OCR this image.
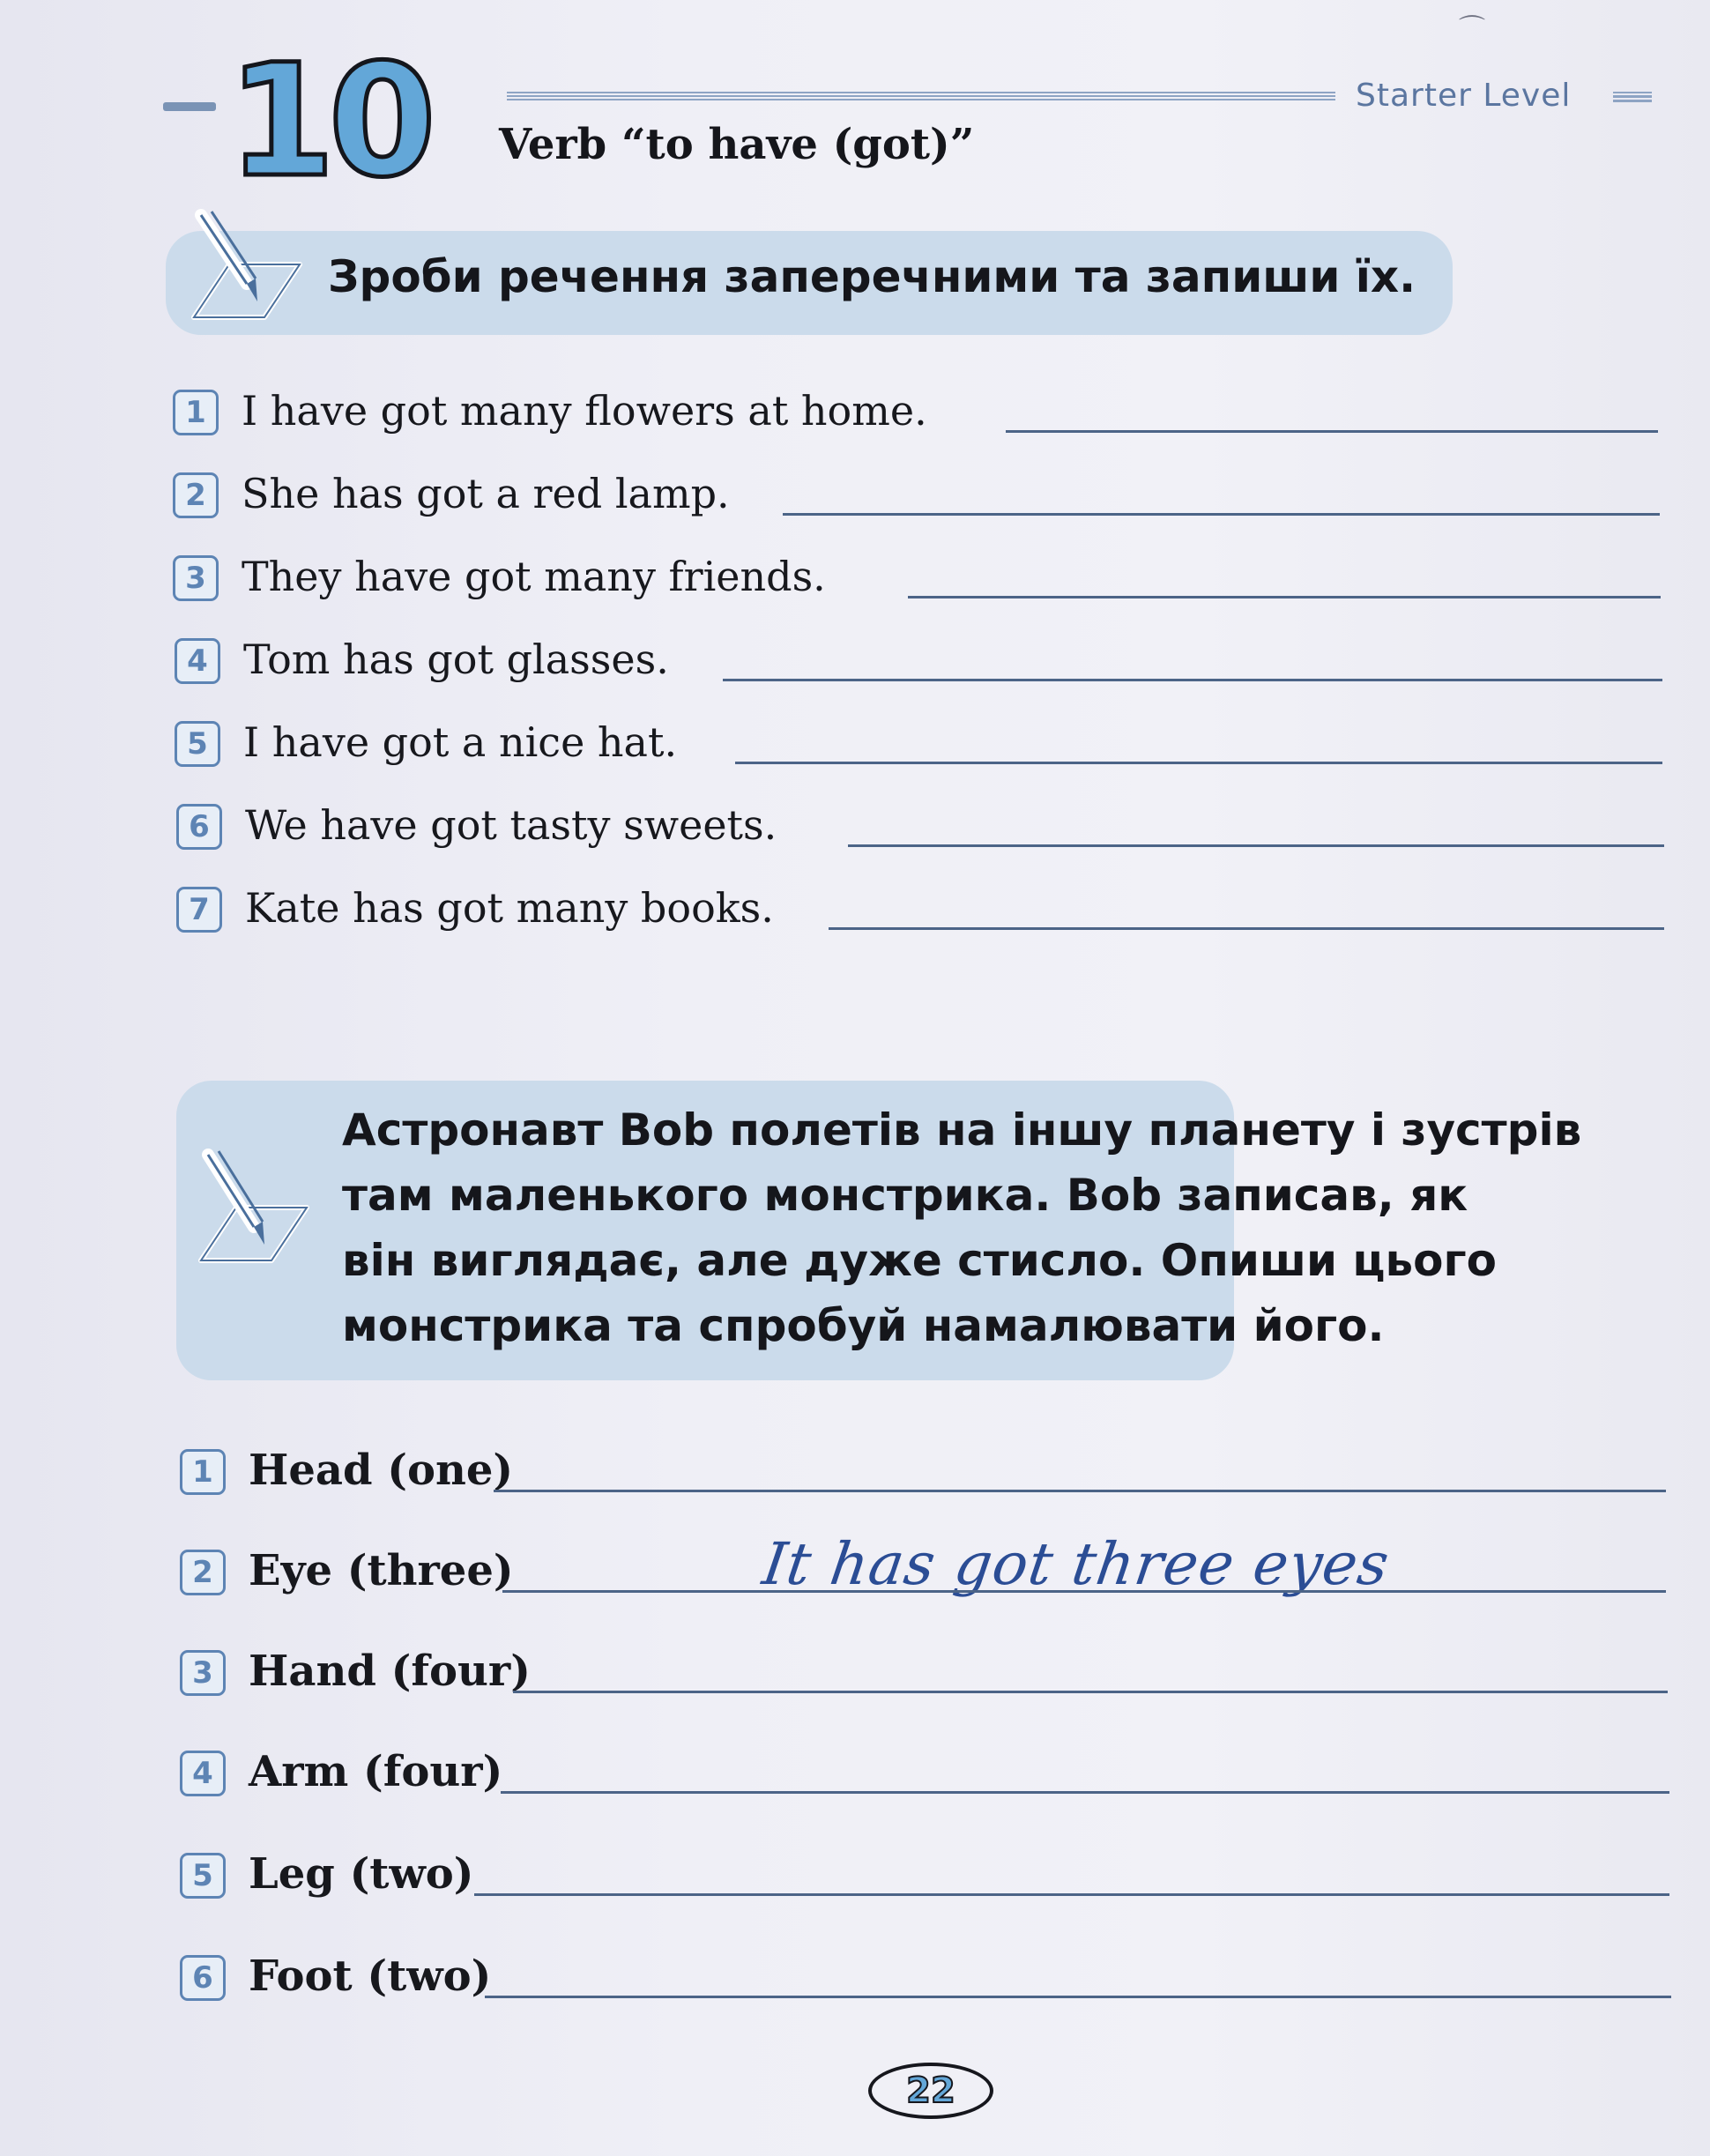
⌒
10	Starter Level
Verb “to have (got)”
Зроби речення заперечними та запиши їх.
1 I have got many flowers at home.
2 She has got a red lamp.
3 They have got many friends.
4 Tom has got glasses.
5 I have got a nice hat.
6 We have got tasty sweets.
7 Kate has got many books.
Астронавт Bob полетів на іншу планету і зустрів
там маленького монстрика. Bob записав, як
він виглядає, але дуже стисло. Опиши цього
монстрика та спробуй намалювати його.
1 Head (one)
2 Eye (three)	It has got three eyes
3 Hand (four)
4 Arm (four)
5 Leg (two)
6 Foot (two)
22
